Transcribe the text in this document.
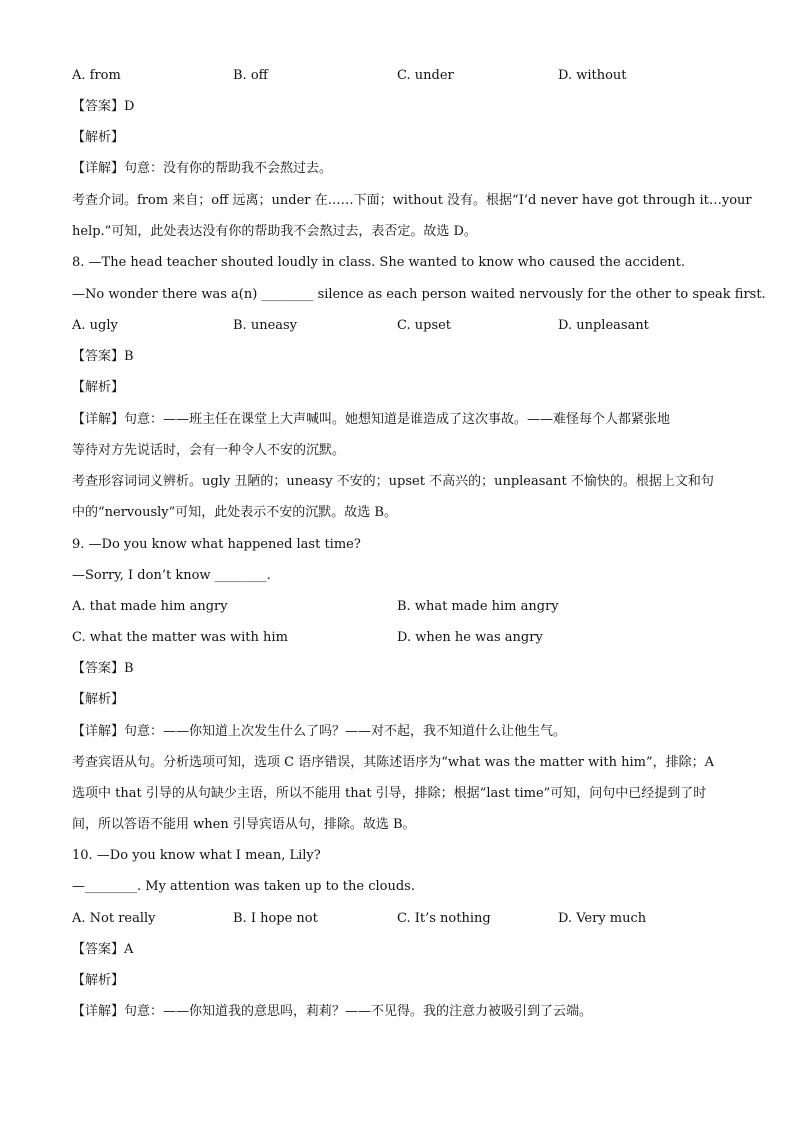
A. from	B. off	C. under	D. without
【答案】D
【解析】
【详解】句意：没有你的帮助我不会熬过去。
考查介词。from 来自；off 远离；under 在……下面；without 没有。根据“I’d never have got through it…your
help.”可知，此处表达没有你的帮助我不会熬过去，表否定。故选 D。
8. —The head teacher shouted loudly in class. She wanted to know who caused the accident.
—No wonder there was a(n) ________ silence as each person waited nervously for the other to speak first.
A. ugly	B. uneasy	C. upset	D. unpleasant
【答案】B
【解析】
【详解】句意：——班主任在课堂上大声喊叫。她想知道是谁造成了这次事故。——难怪每个人都紧张地
等待对方先说话时，会有一种令人不安的沉默。
考查形容词词义辨析。ugly 丑陋的；uneasy 不安的；upset 不高兴的；unpleasant 不愉快的。根据上文和句
中的“nervously”可知，此处表示不安的沉默。故选 B。
9. —Do you know what happened last time?
—Sorry, I don’t know ________.
A. that made him angry	B. what made him angry
C. what the matter was with him	D. when he was angry
【答案】B
【解析】
【详解】句意：——你知道上次发生什么了吗？——对不起，我不知道什么让他生气。
考查宾语从句。分析选项可知，选项 C 语序错误，其陈述语序为“what was the matter with him”，排除；A
选项中 that 引导的从句缺少主语，所以不能用 that 引导，排除；根据“last time”可知，问句中已经提到了时
间，所以答语不能用 when 引导宾语从句，排除。故选 B。
10. —Do you know what I mean, Lily?
—________. My attention was taken up to the clouds.
A. Not really	B. I hope not	C. It’s nothing	D. Very much
【答案】A
【解析】
【详解】句意：——你知道我的意思吗，莉莉？——不见得。我的注意力被吸引到了云端。
